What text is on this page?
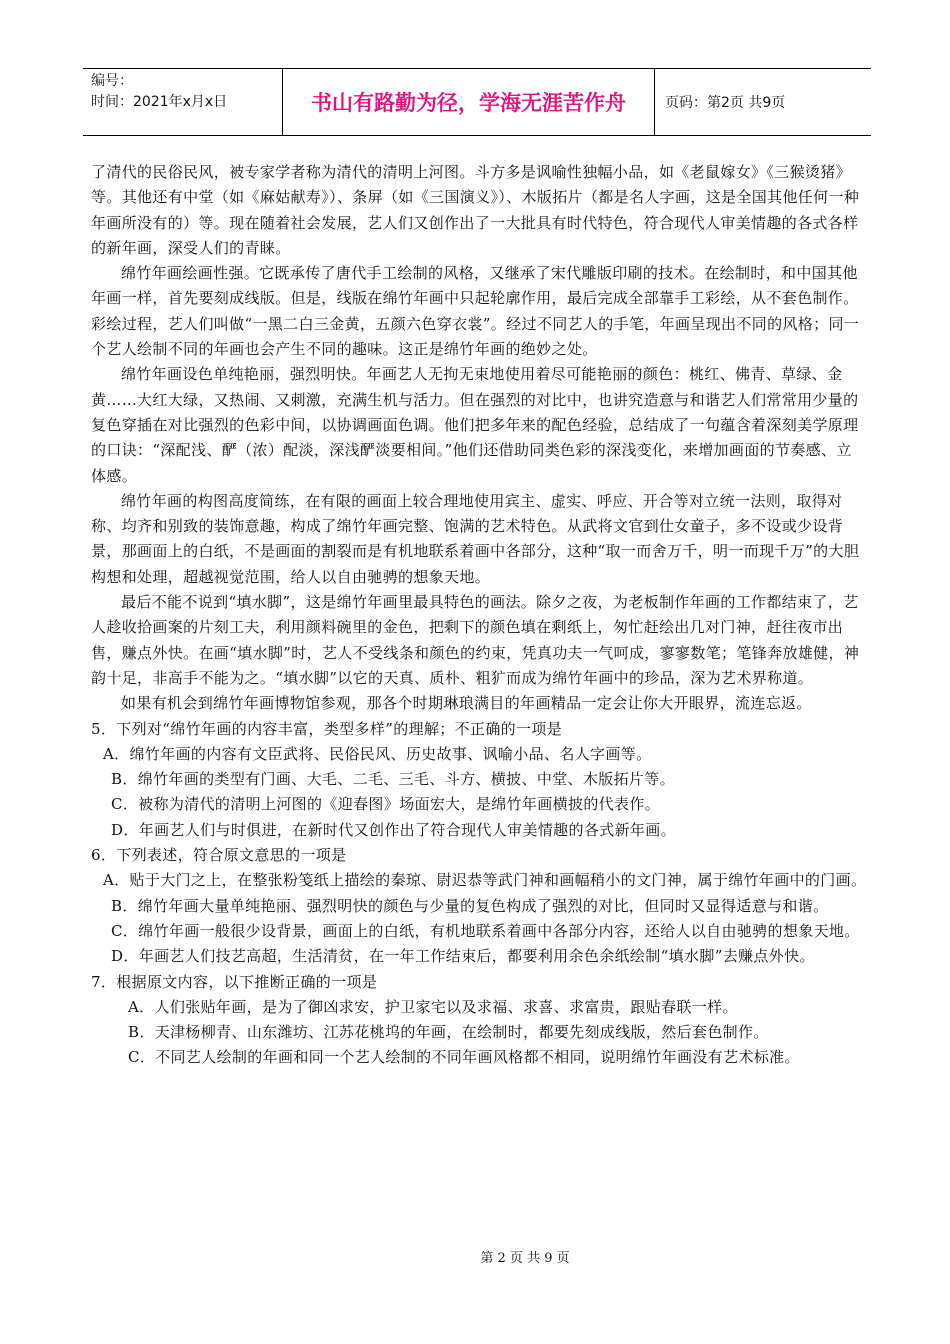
编号：
时间：2021年x月x日	书山有路勤为径，学海无涯苦作舟	页码：第2页 共9页

了清代的民俗民风，被专家学者称为清代的清明上河图。斗方多是讽喻性独幅小品，如《老鼠嫁女》《三猴烫猪》等。其他还有中堂（如《麻姑献寿》）、条屏（如《三国演义》）、木版拓片（都是名人字画，这是全国其他任何一种年画所没有的）等。现在随着社会发展，艺人们又创作出了一大批具有时代特色，符合现代人审美情趣的各式各样的新年画，深受人们的青睐。

绵竹年画绘画性强。它既承传了唐代手工绘制的风格，又继承了宋代雕版印刷的技术。在绘制时，和中国其他年画一样，首先要刻成线版。但是，线版在绵竹年画中只起轮廓作用，最后完成全部靠手工彩绘，从不套色制作。彩绘过程，艺人们叫做“一黑二白三金黄，五颜六色穿衣裳”。经过不同艺人的手笔，年画呈现出不同的风格；同一个艺人绘制不同的年画也会产生不同的趣味。这正是绵竹年画的绝妙之处。

绵竹年画设色单纯艳丽，强烈明快。年画艺人无拘无束地使用着尽可能艳丽的颜色：桃红、佛青、草绿、金黄……大红大绿，又热闹、又刺激，充满生机与活力。但在强烈的对比中，也讲究造意与和谐艺人们常常用少量的复色穿插在对比强烈的色彩中间，以协调画面色调。他们把多年来的配色经验，总结成了一句蕴含着深刻美学原理的口诀：“深配浅、酽（浓）配淡，深浅酽淡要相间。”他们还借助同类色彩的深浅变化，来增加画面的节奏感、立体感。

绵竹年画的构图高度简练，在有限的画面上较合理地使用宾主、虚实、呼应、开合等对立统一法则，取得对称、均齐和别致的装饰意趣，构成了绵竹年画完整、饱满的艺术特色。从武将文官到仕女童子，多不设或少设背景，那画面上的白纸，不是画面的割裂而是有机地联系着画中各部分，这种“取一而舍万千，明一而现千万”的大胆构想和处理，超越视觉范围，给人以自由驰骋的想象天地。

最后不能不说到“填水脚”，这是绵竹年画里最具特色的画法。除夕之夜，为老板制作年画的工作都结束了，艺人趁收拾画案的片刻工夫，利用颜料碗里的金色，把剩下的颜色填在剩纸上，匆忙赶绘出几对门神，赶往夜市出售，赚点外快。在画“填水脚”时，艺人不受线条和颜色的约束，凭真功夫一气呵成，寥寥数笔；笔锋奔放雄健，神韵十足，非高手不能为之。“填水脚”以它的天真、质朴、粗犷而成为绵竹年画中的珍品，深为艺术界称道。

如果有机会到绵竹年画博物馆参观，那各个时期琳琅满目的年画精品一定会让你大开眼界，流连忘返。

5．下列对“绵竹年画的内容丰富，类型多样”的理解；不正确的一项是

A．绵竹年画的内容有文臣武将、民俗民风、历史故事、讽喻小品、名人字画等。

B．绵竹年画的类型有门画、大毛、二毛、三毛、斗方、横披、中堂、木版拓片等。

C．被称为清代的清明上河图的《迎春图》场面宏大，是绵竹年画横披的代表作。

D．年画艺人们与时俱进，在新时代又创作出了符合现代人审美情趣的各式新年画。

6．下列表述，符合原文意思的一项是

A．贴于大门之上，在整张粉笺纸上描绘的秦琼、尉迟恭等武门神和画幅稍小的文门神，属于绵竹年画中的门画。

B．绵竹年画大量单纯艳丽、强烈明快的颜色与少量的复色构成了强烈的对比，但同时又显得适意与和谐。

C．绵竹年画一般很少设背景，画面上的白纸，有机地联系着画中各部分内容，还给人以自由驰骋的想象天地。

D．年画艺人们技艺高超，生活清贫，在一年工作结束后，都要利用余色余纸绘制“填水脚”去赚点外快。

7．根据原文内容，以下推断正确的一项是

A．人们张贴年画，是为了御凶求安，护卫家宅以及求福、求喜、求富贵，跟贴春联一样。

B．天津杨柳青、山东潍坊、江苏花桃坞的年画，在绘制时，都要先刻成线版，然后套色制作。

C．不同艺人绘制的年画和同一个艺人绘制的不同年画风格都不相同，说明绵竹年画没有艺术标准。

第 2 页 共 9 页
